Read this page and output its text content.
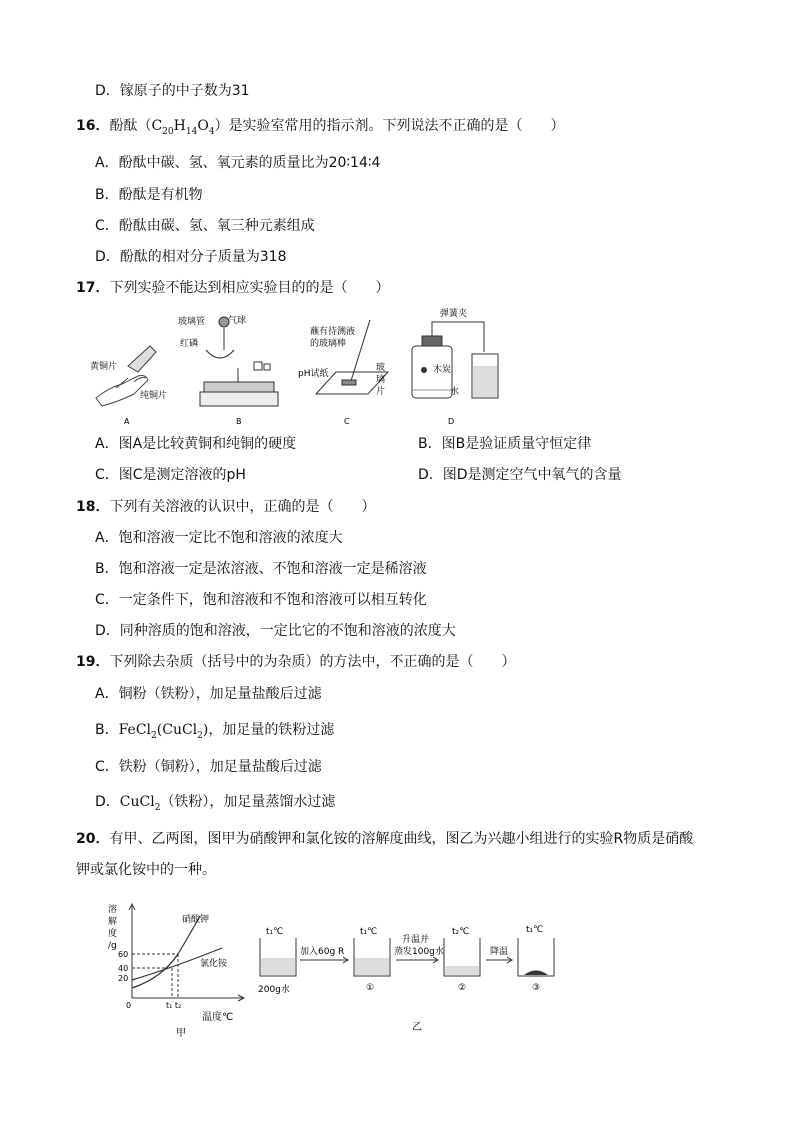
D．镓原子的中子数为31
16．酚酞$(C_{20}H_{14}O_4)$是实验室常用的指示剂。下列说法不正确的是（　　）
A．酚酞中碳、氢、氧元素的质量比为20∶14∶4
B．酚酞是有机物
C．酚酞由碳、氢、氧三种元素组成
D．酚酞的相对分子质量为318
17．下列实验不能达到相应实验目的的是（　　）
黄铜片
纯铜片
A
玻璃管	气球
红磷
B
蘸有待测液
的玻璃棒
pH试纸
玻
璃
片
C
弹簧夹
木炭
水
D
A．图A是比较黄铜和纯铜的硬度	B．图B是验证质量守恒定律
C．图C是测定溶液的pH	D．图D是测定空气中氧气的含量
18．下列有关溶液的认识中，正确的是（　　）
A．饱和溶液一定比不饱和溶液的浓度大
B．饱和溶液一定是浓溶液、不饱和溶液一定是稀溶液
C．一定条件下，饱和溶液和不饱和溶液可以相互转化
D．同种溶质的饱和溶液，一定比它的不饱和溶液的浓度大
19．下列除去杂质（括号中的为杂质）的方法中，不正确的是（　　）
A．铜粉（铁粉），加足量盐酸后过滤
B．FeCl$_2$(CuCl$_2$)，加足量的铁粉过滤
C．铁粉（铜粉），加足量盐酸后过滤
D．CuCl$_2$（铁粉），加足量蒸馏水过滤
20．有甲、乙两图，图甲为硝酸钾和氯化铵的溶解度曲线，图乙为兴趣小组进行的实验R物质是硝酸
钾或氯化铵中的一种。
溶
解
度
/g
60
40
20
0	t₁ t₂
温度℃
硝酸钾
氯化铵
甲
t₁℃
200g水
加入60g R
t₁℃
①
升温并
蒸发100g水
t₂℃
②
降温
t₁℃
③
乙
